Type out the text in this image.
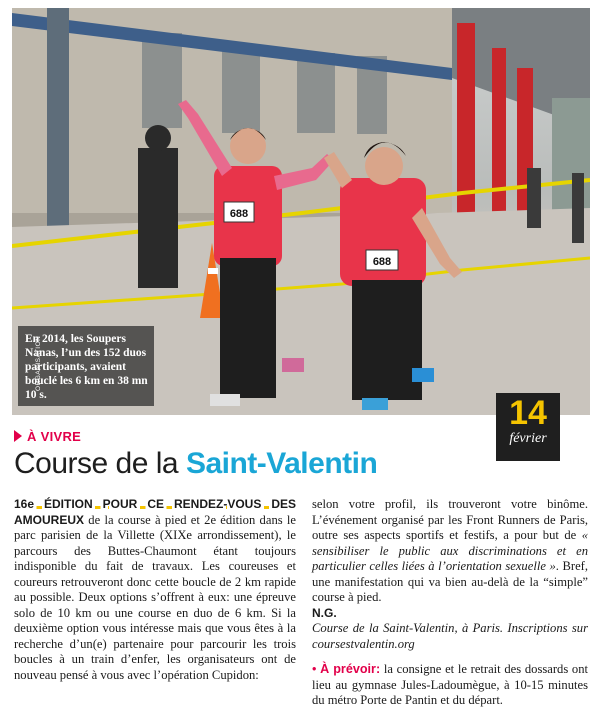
688
688
En 2014, les Soupers Nanas, l’un des 152 duos participants, avaient bouclé les 6 km en 38 mn 10 s.
ORGANISATION
14
février
À VIVRE
Course de la Saint-Valentin

16e ÉDITION POUR CE RENDEZ-VOUS DES AMOUREUX de la course à pied et 2e édition dans le parc parisien de la Villette (XIXe arrondissement), le parcours des Buttes-Chaumont étant toujours indisponible du fait de travaux. Les coureuses et coureurs retrouveront donc cette boucle de 2 km rapide au possible. Deux options s’offrent à eux: une épreuve solo de 10 km ou une course en duo de 6 km. Si la deuxième option vous intéresse mais que vous êtes à la recherche d’un(e) partenaire pour parcourir les trois boucles à un train d’enfer, les organisateurs ont de nouveau pensé à vous avec l’opération Cupidon:

selon votre profil, ils trouveront votre binôme. L’événement organisé par les Front Runners de Paris, outre ses aspects sportifs et festifs, a pour but de « sensibiliser le public aux discriminations et en particulier celles liées à l’orientation sexuelle ». Bref, une manifestation qui va bien au-delà de la “simple” course à pied.

N.G.

Course de la Saint-Valentin, à Paris. Inscriptions sur coursestvalentin.org

• À prévoir: la consigne et le retrait des dossards ont lieu au gymnase Jules-Ladoumègue, à 10-15 minutes du métro Porte de Pantin et du départ.
